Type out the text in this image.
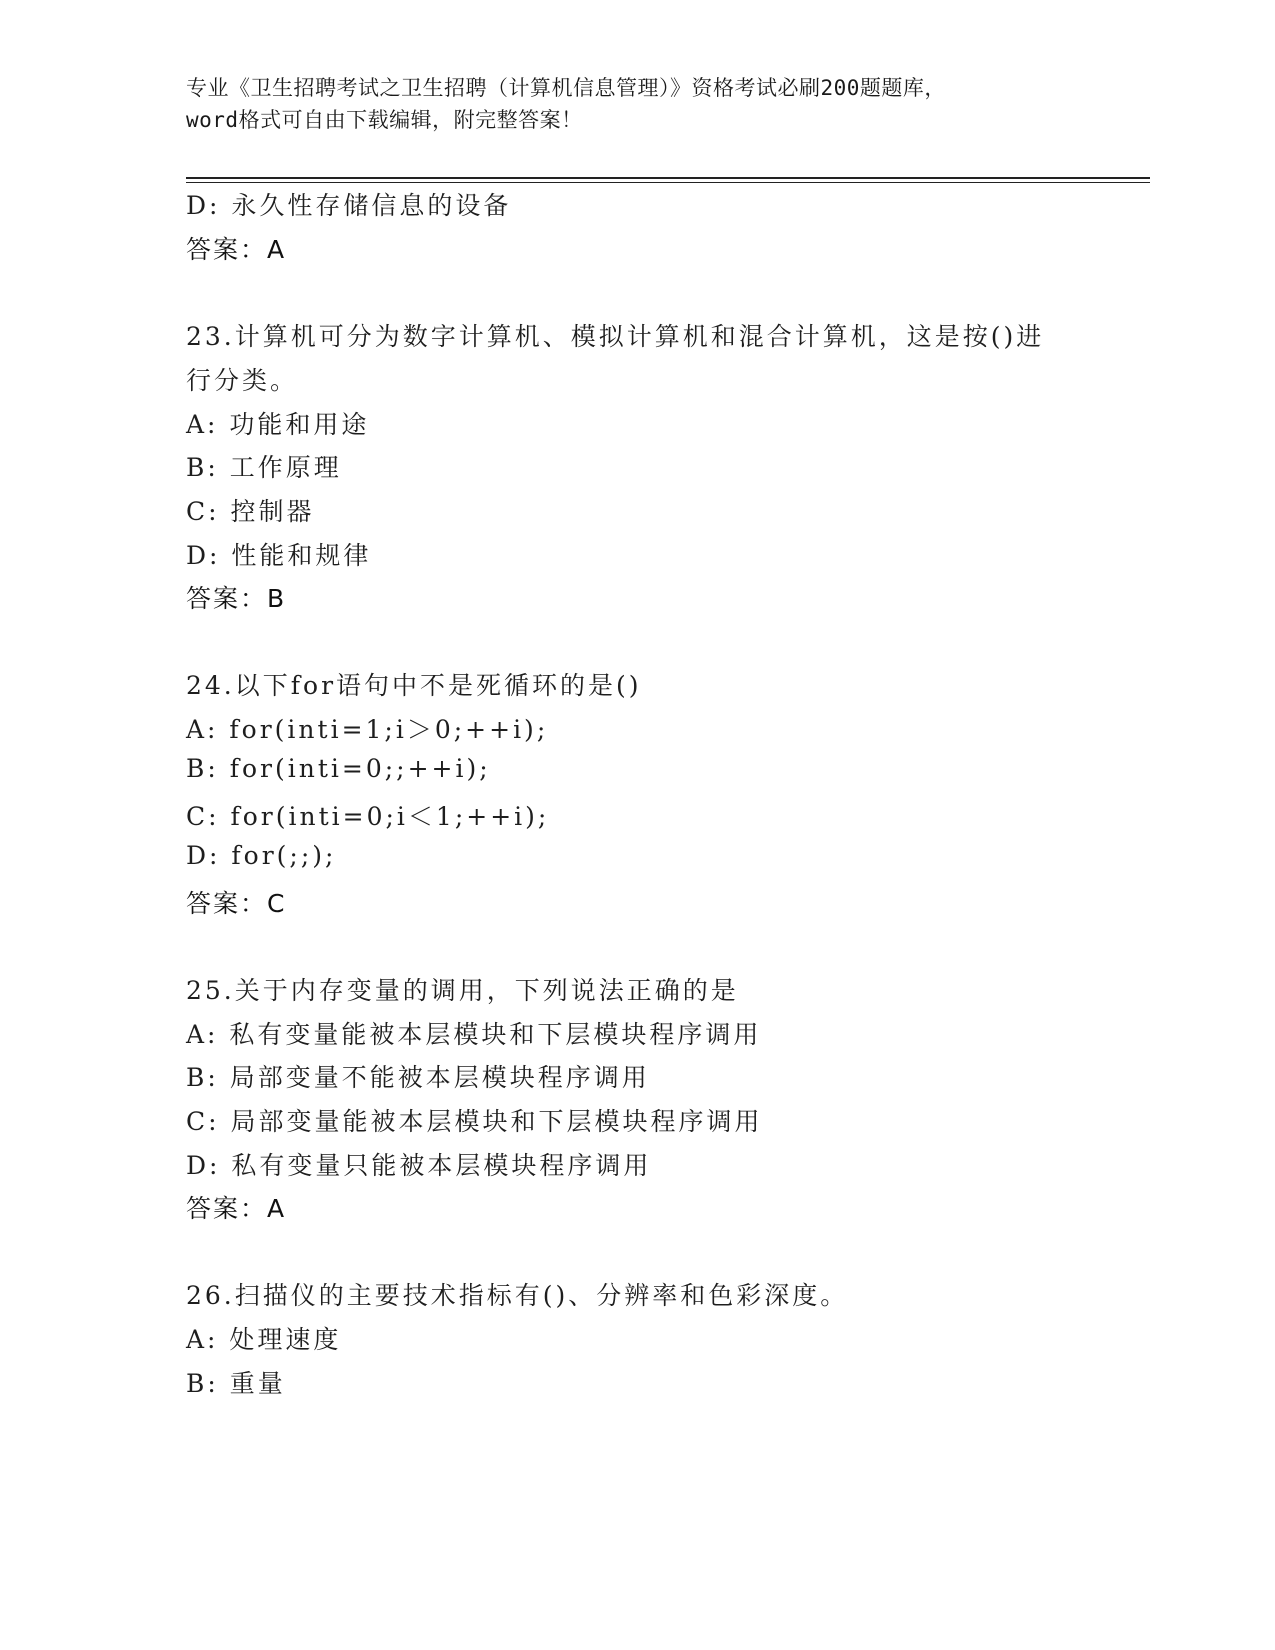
专业《卫生招聘考试之卫生招聘（计算机信息管理）》资格考试必刷200题题库，
word格式可自由下载编辑，附完整答案！
D: 永久性存储信息的设备
答案：A
23.计算机可分为数字计算机、模拟计算机和混合计算机，这是按()进
行分类。
A: 功能和用途
B: 工作原理
C: 控制器
D: 性能和规律
答案：B
24.以下for语句中不是死循环的是()
A: for(inti=1;i＞0;++i);
B: for(inti=0;;++i);
C: for(inti=0;i＜1;++i);
D: for(;;);
答案：C
25.关于内存变量的调用，下列说法正确的是
A: 私有变量能被本层模块和下层模块程序调用
B: 局部变量不能被本层模块程序调用
C: 局部变量能被本层模块和下层模块程序调用
D: 私有变量只能被本层模块程序调用
答案：A
26.扫描仪的主要技术指标有()、分辨率和色彩深度。
A: 处理速度
B: 重量
